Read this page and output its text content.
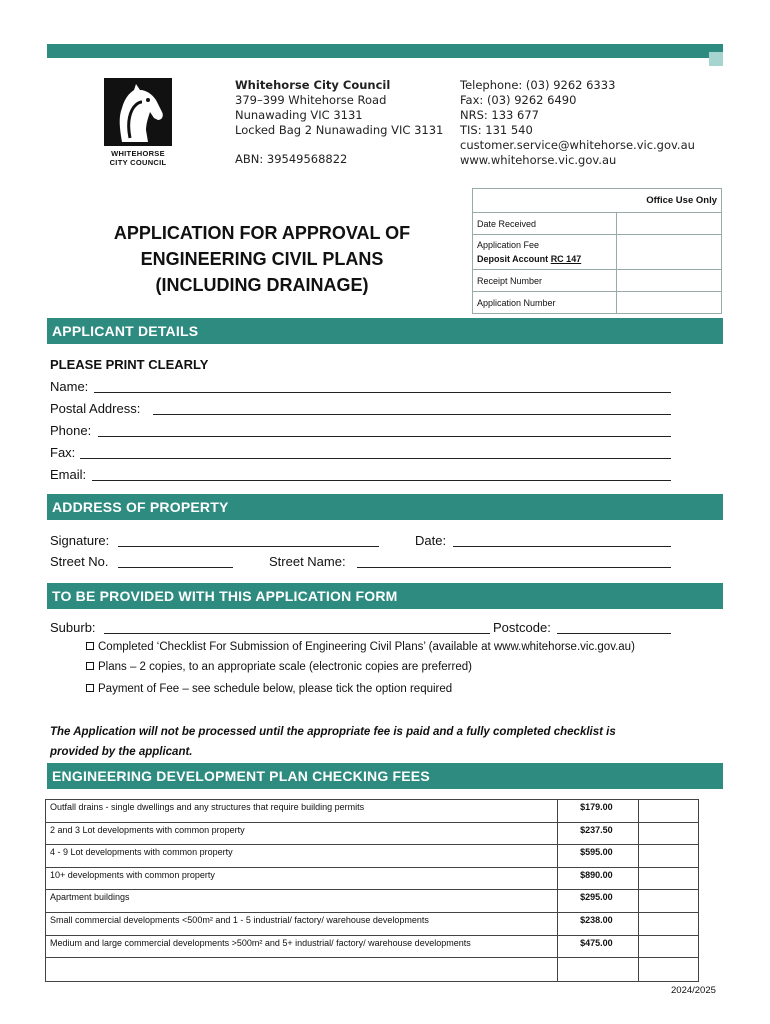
WHITEHORSE
CITY COUNCIL
Whitehorse City Council
379–399 Whitehorse Road
Nunawading VIC 3131
Locked Bag 2 Nunawading VIC 3131
ABN: 39549568822
Telephone: (03) 9262 6333
Fax: (03) 9262 6490
NRS: 133 677
TIS: 131 540
customer.service@whitehorse.vic.gov.au
www.whitehorse.vic.gov.au
Office Use Only	
Date Received	

Application Fee
Deposit Account RC 147	

Receipt Number	
Application Number	
APPLICATION FOR APPROVAL OF
ENGINEERING CIVIL PLANS
(INCLUDING DRAINAGE)
APPLICANT DETAILS
PLEASE PRINT CLEARLY
Name:
Postal Address:
Phone:
Fax:
Email:
ADDRESS OF PROPERTY
Signature:	Date:
Street No.	Street Name:
TO BE PROVIDED WITH THIS APPLICATION FORM
Suburb:	Postcode:
Completed ‘Checklist For Submission of Engineering Civil Plans’ (available at www.whitehorse.vic.gov.au)
Plans – 2 copies, to an appropriate scale (electronic copies are preferred)
Payment of Fee – see schedule below, please tick the option required
The Application will not be processed until the appropriate fee is paid and a fully completed checklist is
provided by the applicant.
ENGINEERING DEVELOPMENT PLAN CHECKING FEES
Outfall drains - single dwellings and any structures that require building permits	$179.00	
2 and 3 Lot developments with common property	$237.50	
4 - 9 Lot developments with common property	$595.00	
10+ developments with common property	$890.00	
Apartment buildings	$295.00	
Small commercial developments <500m² and 1 - 5 industrial/ factory/ warehouse developments	$238.00	
Medium and large commercial developments >500m² and 5+ industrial/ factory/ warehouse developments	$475.00	

2024/2025
